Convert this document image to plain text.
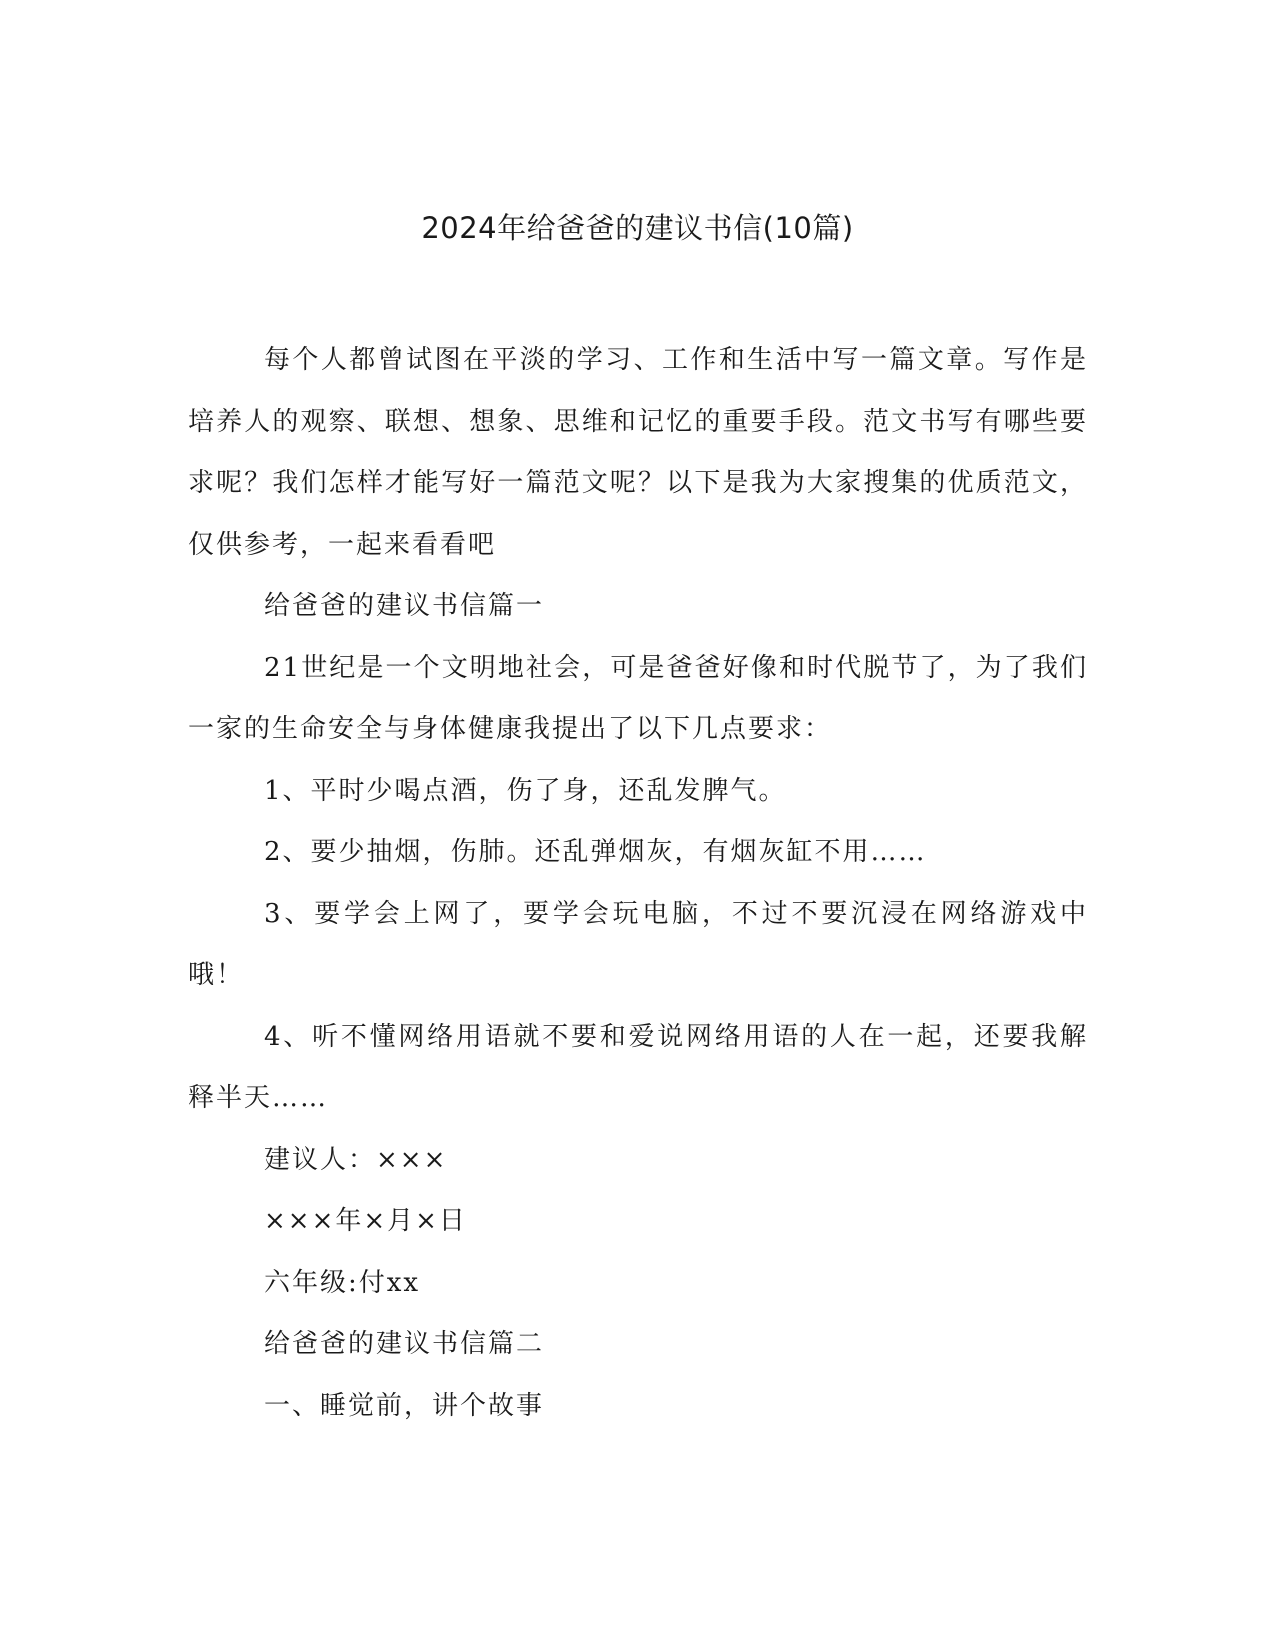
2024年给爸爸的建议书信(10篇)

每个人都曾试图在平淡的学习、工作和生活中写一篇文章。写作是培养人的观察、联想、想象、思维和记忆的重要手段。范文书写有哪些要求呢？我们怎样才能写好一篇范文呢？以下是我为大家搜集的优质范文，仅供参考，一起来看看吧

给爸爸的建议书信篇一

21世纪是一个文明地社会，可是爸爸好像和时代脱节了，为了我们一家的生命安全与身体健康我提出了以下几点要求：

1、平时少喝点酒，伤了身，还乱发脾气。

2、要少抽烟，伤肺。还乱弹烟灰，有烟灰缸不用……

3、要学会上网了，要学会玩电脑，不过不要沉浸在网络游戏中哦！

4、听不懂网络用语就不要和爱说网络用语的人在一起，还要我解释半天……

建议人：×××

×××年×月×日

六年级:付xx

给爸爸的建议书信篇二

一、睡觉前，讲个故事
